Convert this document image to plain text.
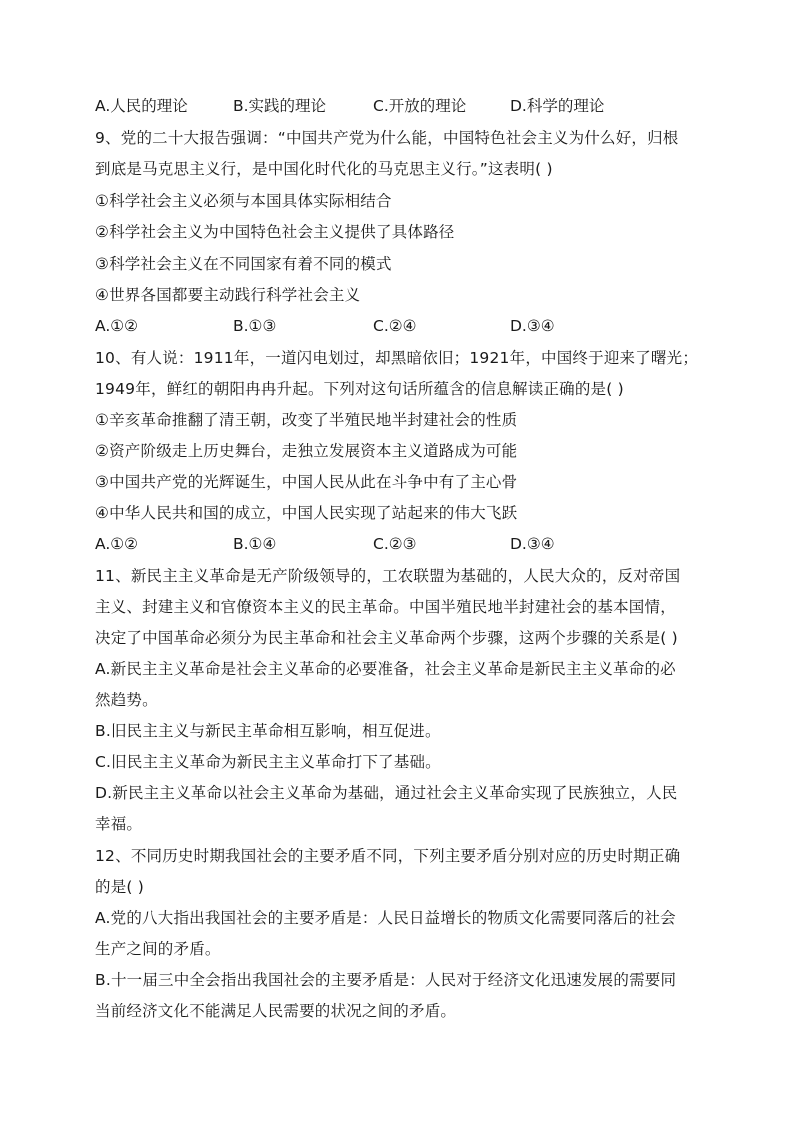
A.人民的理论	B.实践的理论	C.开放的理论	D.科学的理论
9、党的二十大报告强调：“中国共产党为什么能，中国特色社会主义为什么好，归根
到底是马克思主义行，是中国化时代化的马克思主义行。”这表明( )
①科学社会主义必须与本国具体实际相结合
②科学社会主义为中国特色社会主义提供了具体路径
③科学社会主义在不同国家有着不同的模式
④世界各国都要主动践行科学社会主义
A.①②	B.①③	C.②④	D.③④
10、有人说：1911年，一道闪电划过，却黑暗依旧；1921年，中国终于迎来了曙光；
1949年，鲜红的朝阳冉冉升起。下列对这句话所蕴含的信息解读正确的是( )
①辛亥革命推翻了清王朝，改变了半殖民地半封建社会的性质
②资产阶级走上历史舞台，走独立发展资本主义道路成为可能
③中国共产党的光辉诞生，中国人民从此在斗争中有了主心骨
④中华人民共和国的成立，中国人民实现了站起来的伟大飞跃
A.①②	B.①④	C.②③	D.③④
11、新民主主义革命是无产阶级领导的，工农联盟为基础的，人民大众的，反对帝国
主义、封建主义和官僚资本主义的民主革命。中国半殖民地半封建社会的基本国情，
决定了中国革命必须分为民主革命和社会主义革命两个步骤，这两个步骤的关系是( )
A.新民主主义革命是社会主义革命的必要准备，社会主义革命是新民主主义革命的必
然趋势。
B.旧民主主义与新民主革命相互影响，相互促进。
C.旧民主主义革命为新民主主义革命打下了基础。
D.新民主主义革命以社会主义革命为基础，通过社会主义革命实现了民族独立，人民
幸福。
12、不同历史时期我国社会的主要矛盾不同，下列主要矛盾分别对应的历史时期正确
的是( )
A.党的八大指出我国社会的主要矛盾是：人民日益增长的物质文化需要同落后的社会
生产之间的矛盾。
B.十一届三中全会指出我国社会的主要矛盾是：人民对于经济文化迅速发展的需要同
当前经济文化不能满足人民需要的状况之间的矛盾。
